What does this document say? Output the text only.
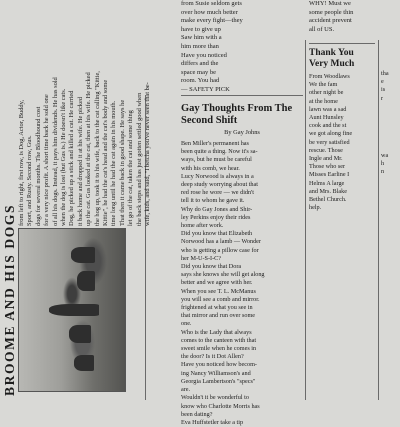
from Susie seldom gets
over how much better
make every fight—they
have to give up
Saw him with a
him more than
Have you noticed
differs and the
space may be
room. You had
— SAFETY PICK
WHY! Must we
some people thin
accident prevent
all of US.
BROOME AND HIS DOGS
from left to right, first row, is Dog, Actor, Buddy, Sport, and Rusty. Second row, Gus. dogs for several months. The Bloodhound cost for a very nice profit. A short time back he sold one of all his dogs. Instead, it pays him dividends. He has sold when the dog is lost (but Gus is.) He doesn't like cats. Dog, he picked up a stick and killed a cat. He carried it back home and dropped it at his wife. He picked up the cat. Gus looked at the cat, then at his wife. He picked the hog up, took it to his wife, back to the cat calling "Kittie, Kittie", he had the cat's head and the cat's body and some time long until he had the cat again in his mouth. That then it came back in good shape. He says he let go of the cat, taken the cat and some thing the back steps and has just gotten settled good when wife, kids, and said, "I betcha you've never seen that be-	Gay Thoughts From The Second Shift
By Gay Johns
Ben Miller's permanent has
been quite a thing. Now it's sa-
ways, but he must be careful
with his comb, we hear.
Lucy Norwood is always in a
deep study worrying about that
red rose he wore — we didn't
tell it to whom he gave it.
Why do Gay Jones and Shir-
ley Perkins enjoy their rides
home after work.
Did you know that Elizabeth
Norwood has a lamb — Wonder
who is getting a pillow case for
her M-U-S-I-C?
Did you know that Dora
says she knows she will get along
better and we agree with her.
When you see T. L. McManus
you will see a comb and mirror.
frightened at what you see in
that mirror and run over some
one.
Who is the Lady that always
comes to the canteen with that
sweet smile when he comes in
the door? Is it Dot Allen?
Have you noticed how becom-
ing Nancy Williamson's and
Georgia Lambertson's "specs"
are.
Wouldn't it be wonderful to
know who Charlotte Morris has
been dating?
Eva Huffstetler take a tip
Thank You
Very Much
From Woodlaws
We the fam
other night be
at the home
lawn was a sad
Aunt Hunsley
cook and the st
we got along fine
be very satisfied
rescue. Those
Ingle and Mr.
Those who ser
Misses Earline I
Helms A large
and Mrs. Blake
Bethel Church.
help.
tha
e
is
r

wa
h
n
